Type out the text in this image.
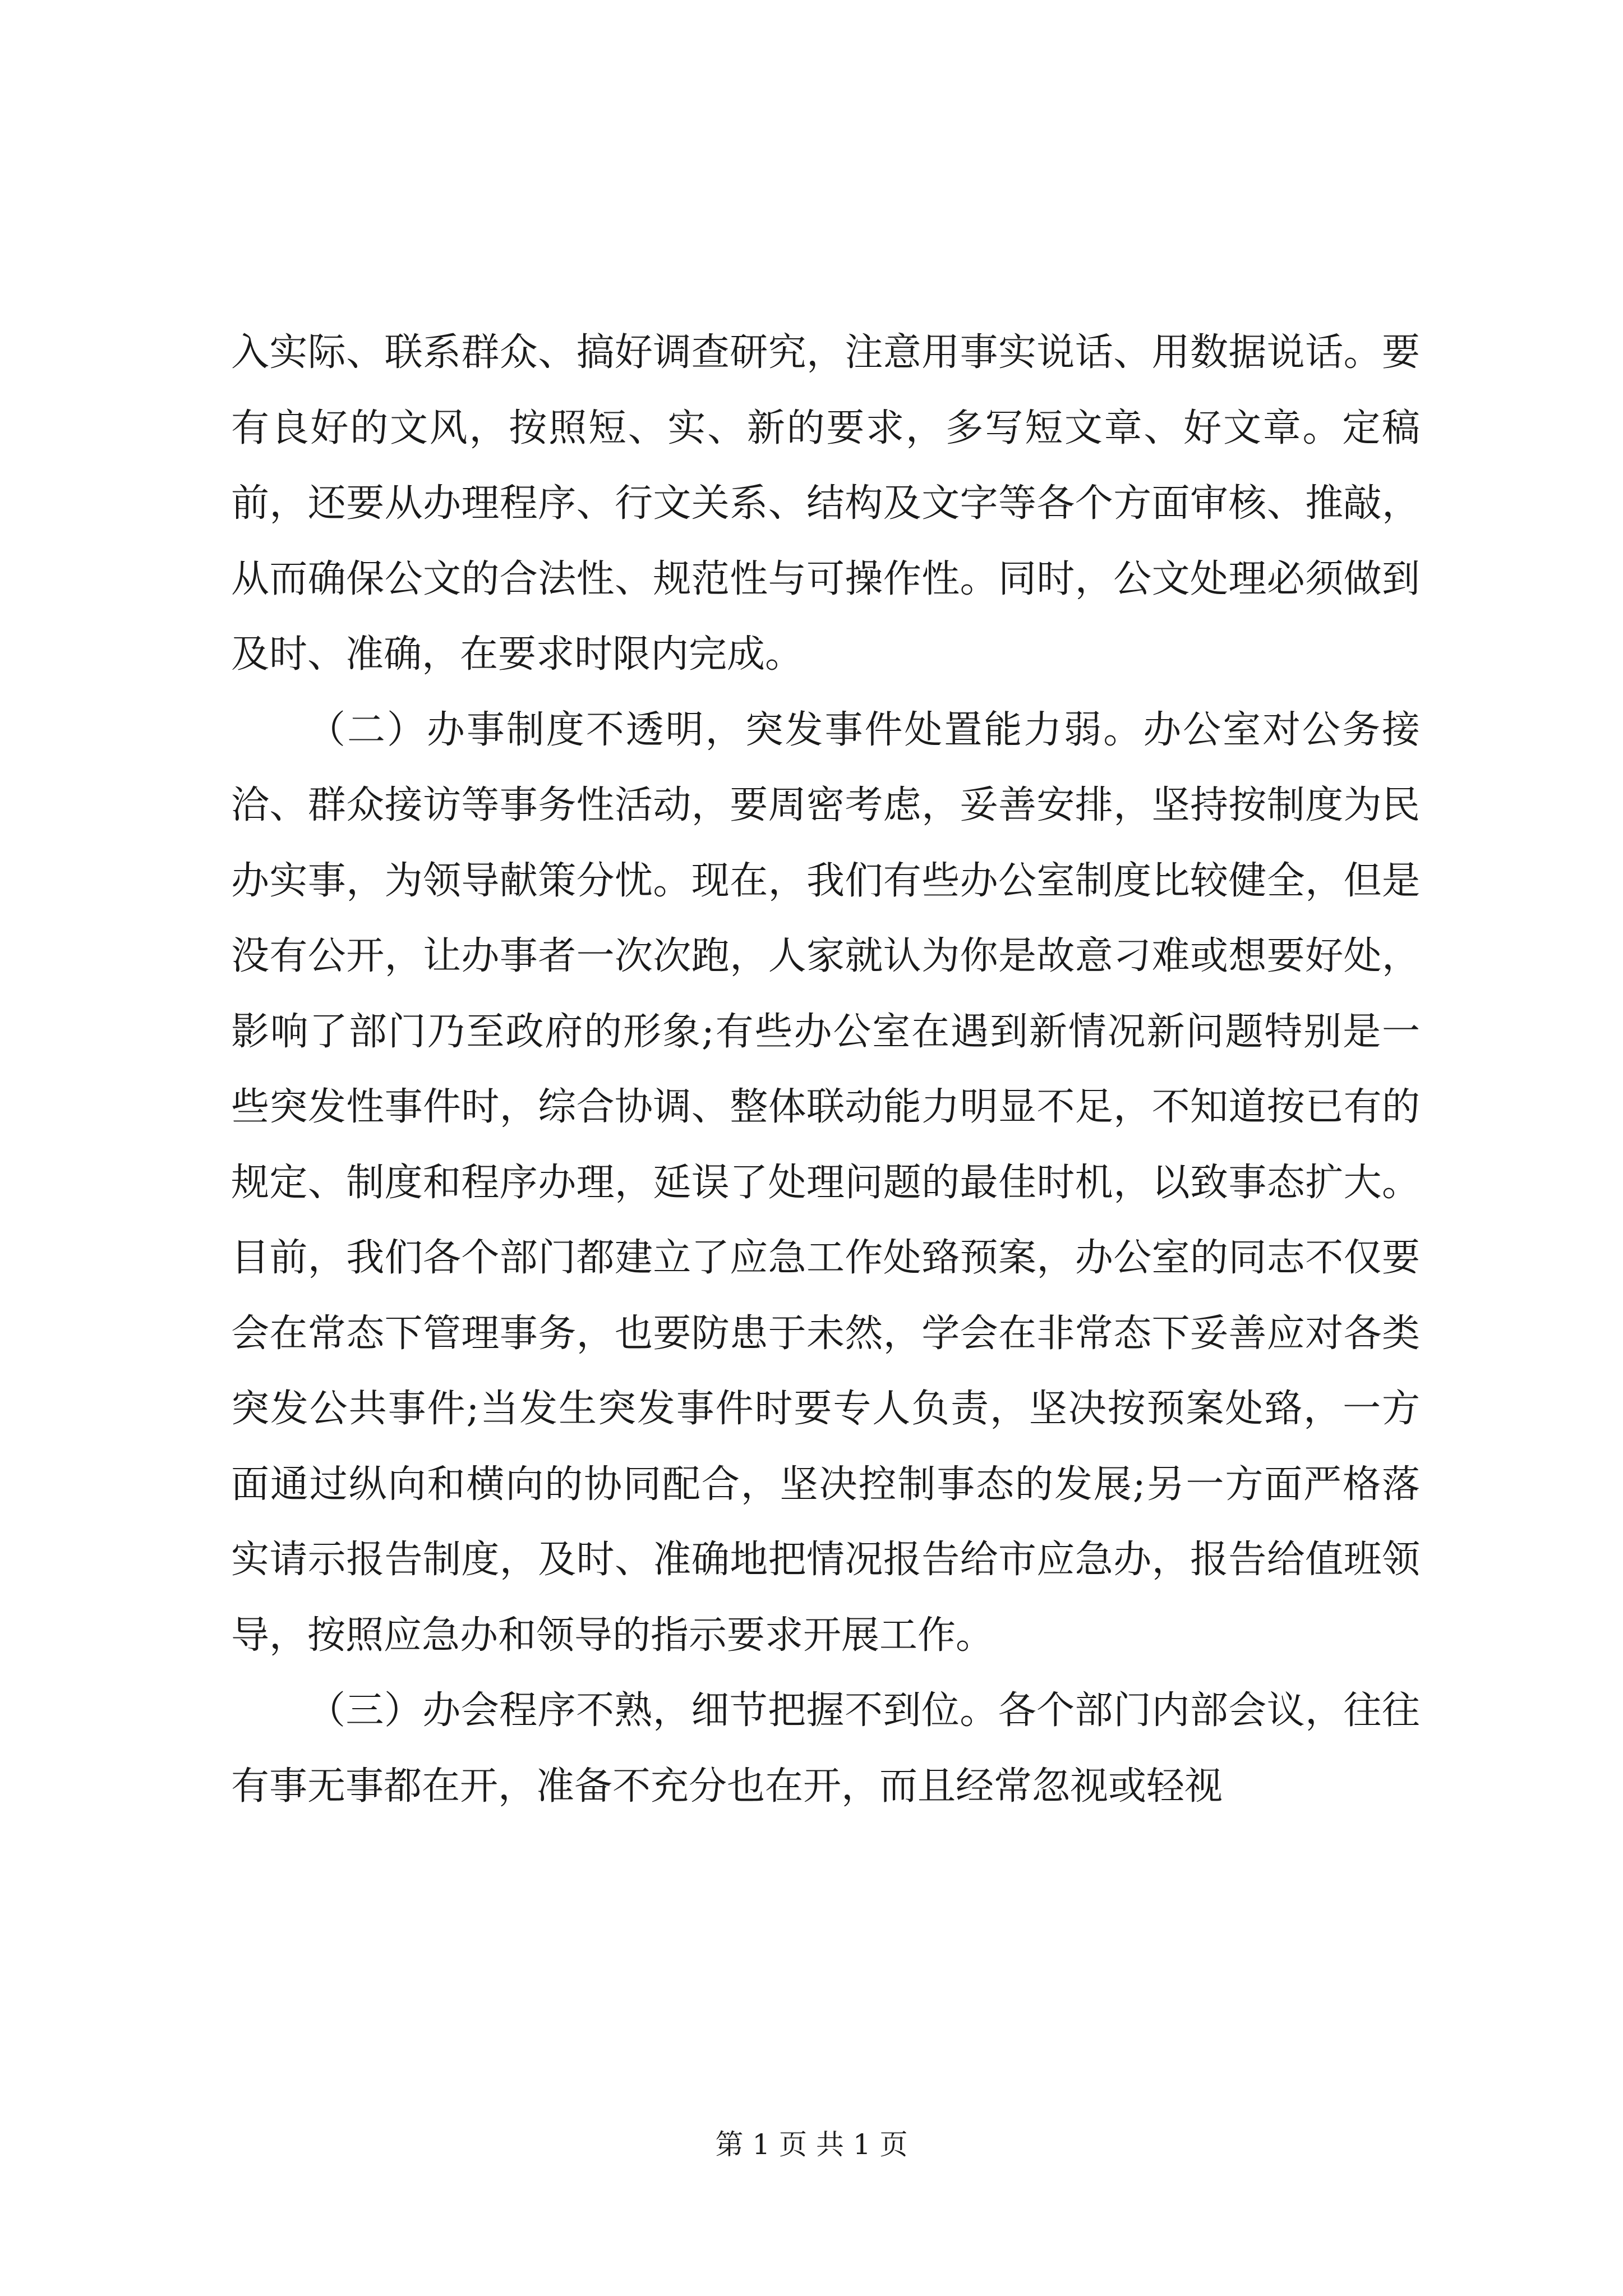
入实际、联系群众、搞好调查研究，注意用事实说话、用数据说话。要有良好的文风，按照短、实、新的要求，多写短文章、好文章。定稿前，还要从办理程序、行文关系、结构及文字等各个方面审核、推敲，从而确保公文的合法性、规范性与可操作性。同时，公文处理必须做到及时、准确，在要求时限内完成。

（二）办事制度不透明，突发事件处置能力弱。办公室对公务接洽、群众接访等事务性活动，要周密考虑，妥善安排，坚持按制度为民办实事，为领导献策分忧。现在，我们有些办公室制度比较健全，但是没有公开，让办事者一次次跑，人家就认为你是故意刁难或想要好处，影响了部门乃至政府的形象;有些办公室在遇到新情况新问题特别是一些突发性事件时，综合协调、整体联动能力明显不足，不知道按已有的规定、制度和程序办理，延误了处理问题的最佳时机，以致事态扩大。目前，我们各个部门都建立了应急工作处臵预案，办公室的同志不仅要会在常态下管理事务，也要防患于未然，学会在非常态下妥善应对各类突发公共事件;当发生突发事件时要专人负责，坚决按预案处臵，一方面通过纵向和横向的协同配合，坚决控制事态的发展;另一方面严格落实请示报告制度，及时、准确地把情况报告给市应急办，报告给值班领导，按照应急办和领导的指示要求开展工作。

（三）办会程序不熟，细节把握不到位。各个部门内部会议，往往有事无事都在开，准备不充分也在开，而且经常忽视或轻视

第 1 页 共 1 页
